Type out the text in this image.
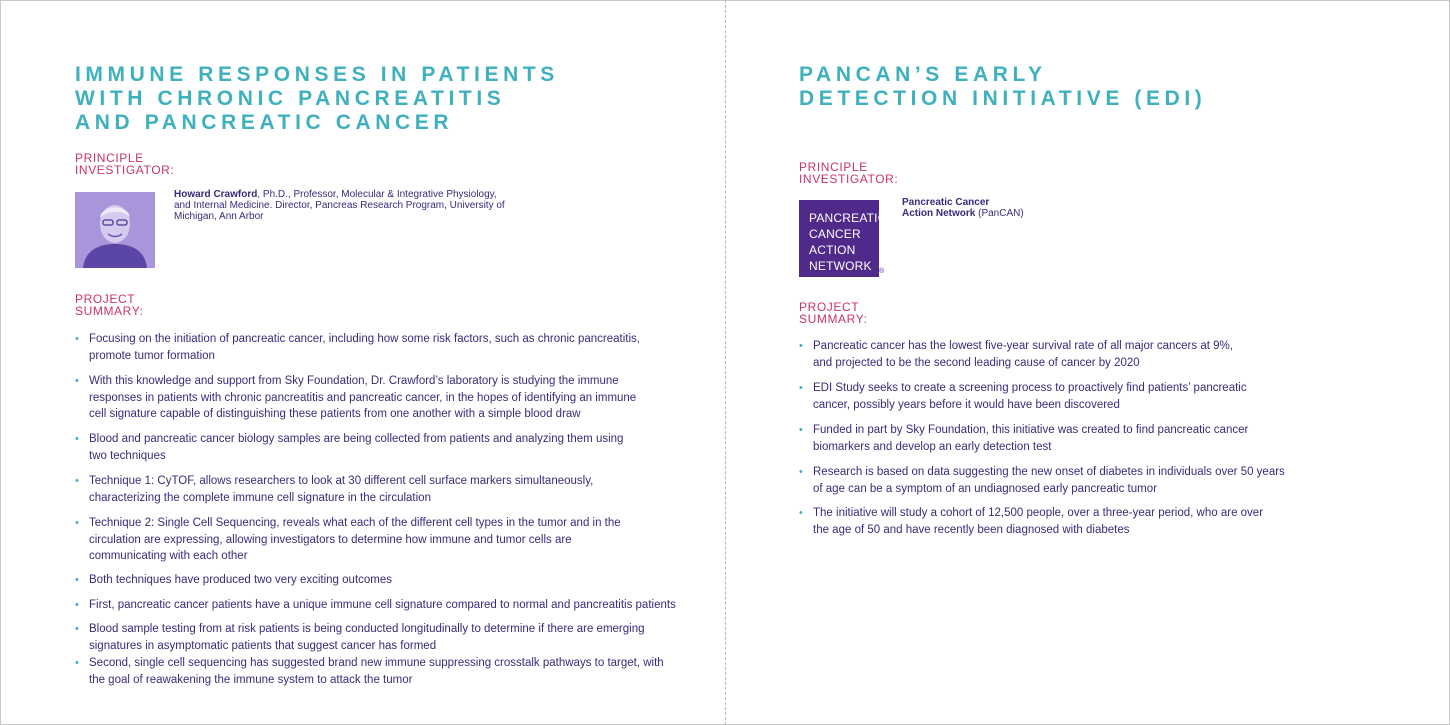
IMMUNE RESPONSES IN PATIENTS
WITH CHRONIC PANCREATITIS
AND PANCREATIC CANCER
PRINCIPLE
INVESTIGATOR:
Howard Crawford, Ph.D., Professor, Molecular & Integrative Physiology,
and Internal Medicine. Director, Pancreas Research Program, University of
Michigan, Ann Arbor
PROJECT
SUMMARY:
• Focusing on the initiation of pancreatic cancer, including how some risk factors, such as chronic pancreatitis,
promote tumor formation
• With this knowledge and support from Sky Foundation, Dr. Crawford’s laboratory is studying the immune
responses in patients with chronic pancreatitis and pancreatic cancer, in the hopes of identifying an immune
cell signature capable of distinguishing these patients from one another with a simple blood draw
• Blood and pancreatic cancer biology samples are being collected from patients and analyzing them using
two techniques
• Technique 1: CyTOF, allows researchers to look at 30 different cell surface markers simultaneously,
characterizing the complete immune cell signature in the circulation
• Technique 2: Single Cell Sequencing, reveals what each of the different cell types in the tumor and in the
circulation are expressing, allowing investigators to determine how immune and tumor cells are
communicating with each other
• Both techniques have produced two very exciting outcomes
• First, pancreatic cancer patients have a unique immune cell signature compared to normal and pancreatitis patients
• Blood sample testing from at risk patients is being conducted longitudinally to determine if there are emerging
signatures in asymptomatic patients that suggest cancer has formed
• Second, single cell sequencing has suggested brand new immune suppressing crosstalk pathways to target, with
the goal of reawakening the immune system to attack the tumor
PANCAN’S EARLY
DETECTION INITIATIVE (EDI)
PRINCIPLE
INVESTIGATOR:
PANCREATIC
CANCER
ACTION
NETWORK	®
Pancreatic Cancer
Action Network (PanCAN)
PROJECT
SUMMARY:
• Pancreatic cancer has the lowest five-year survival rate of all major cancers at 9%,
and projected to be the second leading cause of cancer by 2020
• EDI Study seeks to create a screening process to proactively find patients’ pancreatic
cancer, possibly years before it would have been discovered
• Funded in part by Sky Foundation, this initiative was created to find pancreatic cancer
biomarkers and develop an early detection test
• Research is based on data suggesting the new onset of diabetes in individuals over 50 years
of age can be a symptom of an undiagnosed early pancreatic tumor
• The initiative will study a cohort of 12,500 people, over a three-year period, who are over
the age of 50 and have recently been diagnosed with diabetes
